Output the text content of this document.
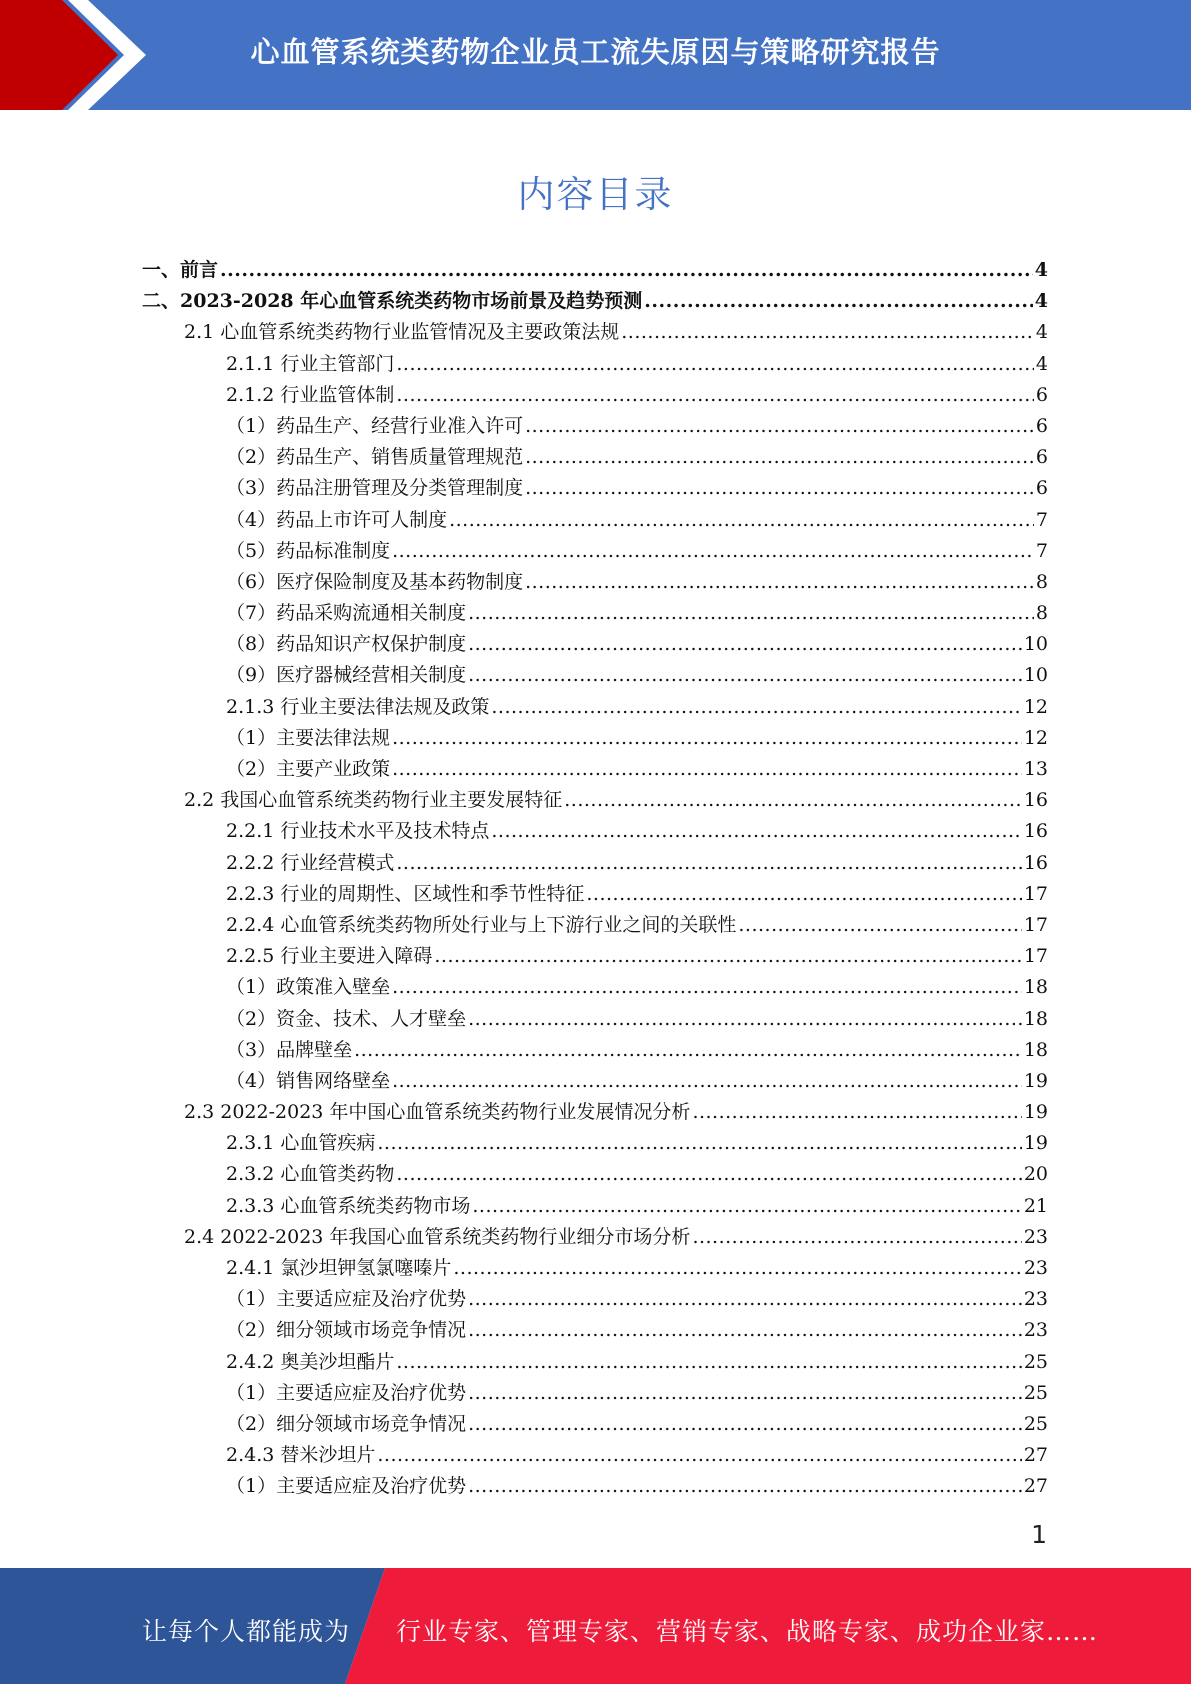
心血管系统类药物企业员工流失原因与策略研究报告
内容目录
一、前言 .....	4
二、2023-2028 年心血管系统类药物市场前景及趋势预测 .....	4
2.1 心血管系统类药物行业监管情况及主要政策法规 .....	4
2.1.1 行业主管部门 .....	4
2.1.2 行业监管体制 .....	6
（1）药品生产、经营行业准入许可 .....	6
（2）药品生产、销售质量管理规范 .....	6
（3）药品注册管理及分类管理制度 .....	6
（4）药品上市许可人制度 .....	7
（5）药品标准制度 .....	7
（6）医疗保险制度及基本药物制度 .....	8
（7）药品采购流通相关制度 .....	8
（8）药品知识产权保护制度 .....	10
（9）医疗器械经营相关制度 .....	10
2.1.3 行业主要法律法规及政策 .....	12
（1）主要法律法规 .....	12
（2）主要产业政策 .....	13
2.2 我国心血管系统类药物行业主要发展特征 .....	16
2.2.1 行业技术水平及技术特点 .....	16
2.2.2 行业经营模式 .....	16
2.2.3 行业的周期性、区域性和季节性特征 .....	17
2.2.4 心血管系统类药物所处行业与上下游行业之间的关联性 .....	17
2.2.5 行业主要进入障碍 .....	17
（1）政策准入壁垒 .....	18
（2）资金、技术、人才壁垒 .....	18
（3）品牌壁垒 .....	18
（4）销售网络壁垒 .....	19
2.3 2022-2023 年中国心血管系统类药物行业发展情况分析 .....	19
2.3.1 心血管疾病 .....	19
2.3.2 心血管类药物 .....	20
2.3.3 心血管系统类药物市场 .....	21
2.4 2022-2023 年我国心血管系统类药物行业细分市场分析 .....	23
2.4.1 氯沙坦钾氢氯噻嗪片 .....	23
（1）主要适应症及治疗优势 .....	23
（2）细分领域市场竞争情况 .....	23
2.4.2 奥美沙坦酯片 .....	25
（1）主要适应症及治疗优势 .....	25
（2）细分领域市场竞争情况 .....	25
2.4.3 替米沙坦片 .....	27
（1）主要适应症及治疗优势 .....	27
1
让每个人都能成为 行业专家、管理专家、营销专家、战略专家、成功企业家……
